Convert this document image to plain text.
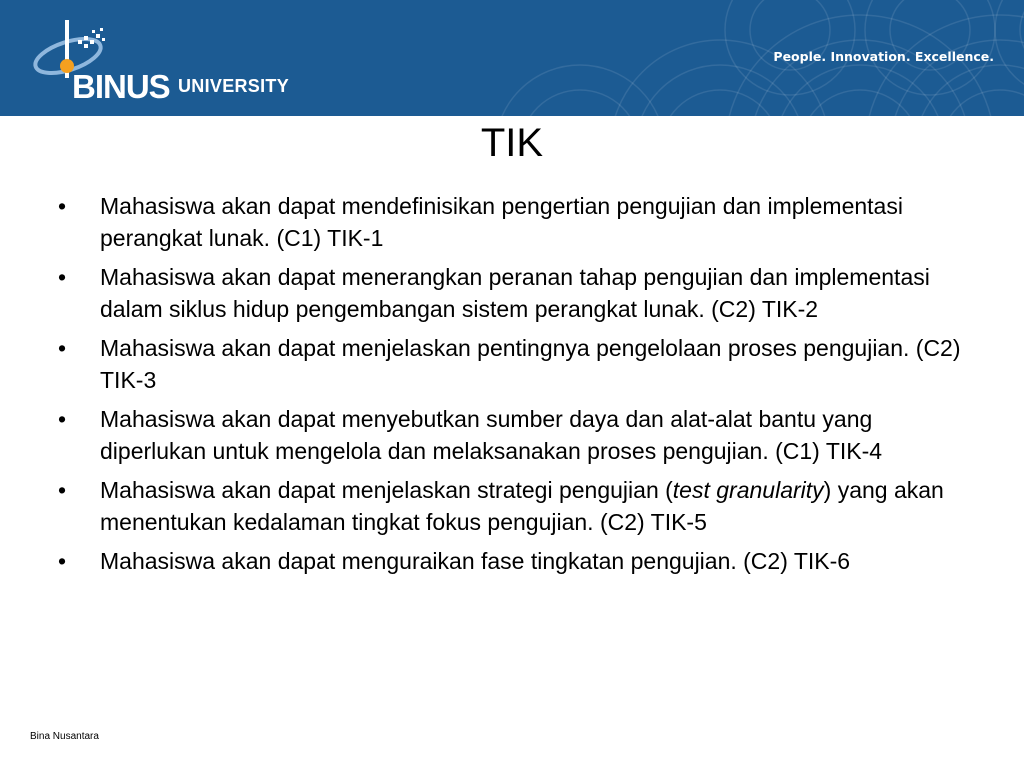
BINUS UNIVERSITY
People. Innovation. Excellence.
TIK
• Mahasiswa akan dapat mendefinisikan pengertian pengujian dan implementasi perangkat lunak. (C1) TIK-1
• Mahasiswa akan dapat menerangkan peranan tahap pengujian dan implementasi dalam siklus hidup pengembangan sistem perangkat lunak. (C2) TIK-2
• Mahasiswa akan dapat menjelaskan pentingnya pengelolaan proses pengujian. (C2) TIK-3
• Mahasiswa akan dapat menyebutkan sumber daya dan alat-alat bantu yang diperlukan untuk mengelola dan melaksanakan proses pengujian. (C1) TIK-4
• Mahasiswa akan dapat menjelaskan strategi pengujian (test granularity) yang akan menentukan kedalaman tingkat fokus pengujian. (C2) TIK-5
• Mahasiswa akan dapat menguraikan fase tingkatan pengujian. (C2) TIK-6
Bina Nusantara
